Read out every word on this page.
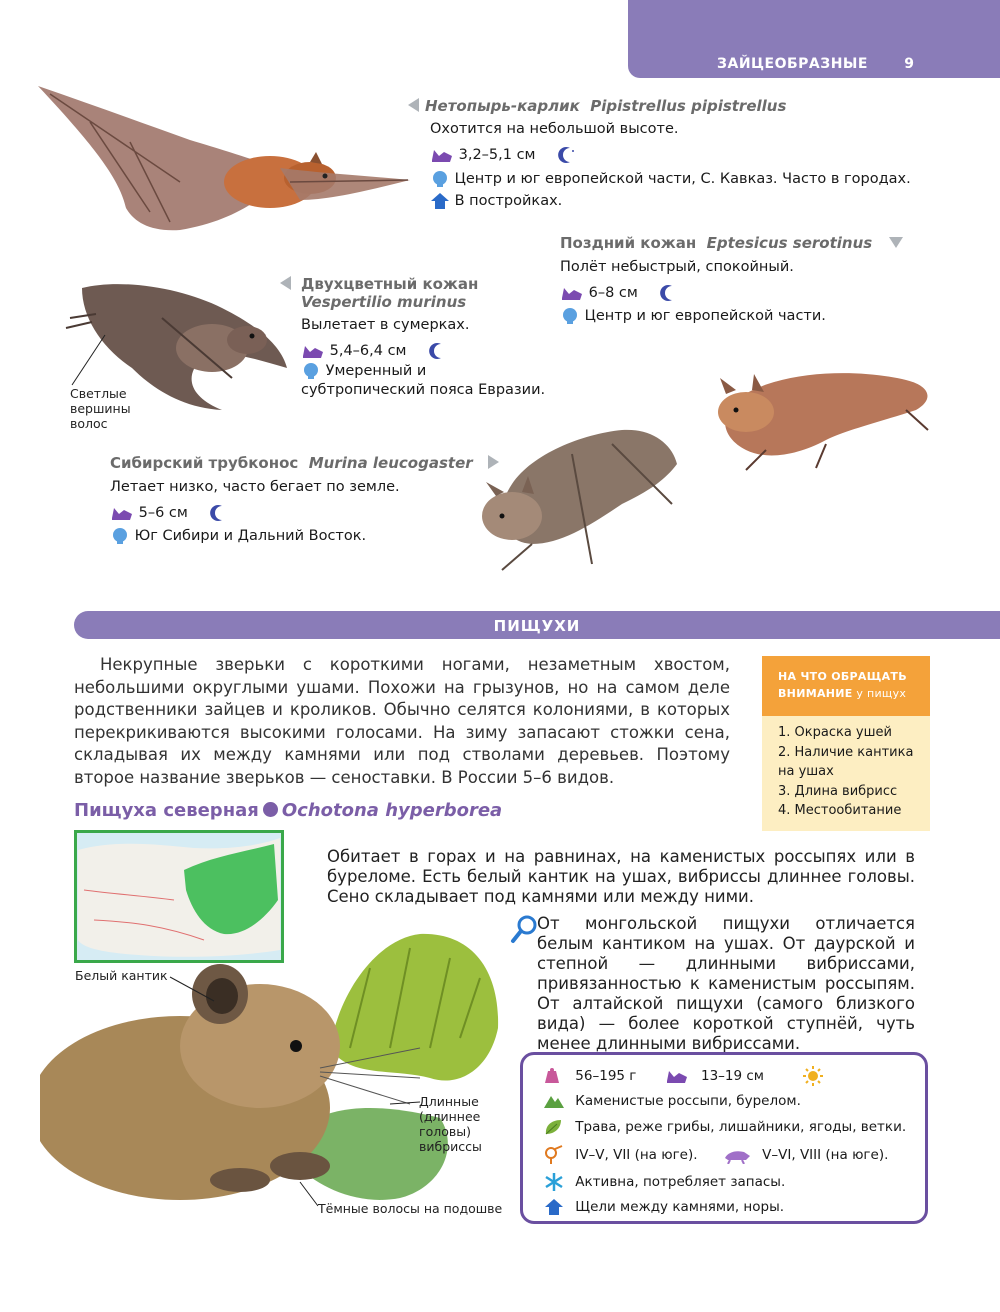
ЗАЙЦЕОБРАЗНЫЕ	9
Нетопырь-карлик Pipistrellus pipistrellus
Охотится на небольшой высоте.
3,2–5,1 см
Центр и юг европейской части, С. Кавказ. Часто в городах.
В постройках.
Поздний кожан Eptesicus serotinus
Полёт небыстрый, спокойный.
6–8 см
Центр и юг европейской части.
Светлые
вершины
волос
Двухцветный кожан
Vespertilio murinus
Вылетает в сумерках.
5,4–6,4 см
Умеренный и
субтропический пояса Евразии.
Сибирский трубконос Murina leucogaster
Летает низко, часто бегает по земле.
5–6 см
Юг Сибири и Дальний Восток.
ПИЩУХИ

Некрупные зверьки с короткими ногами, незаметным хвостом, небольшими округлыми ушами. Похожи на грызунов, но на самом деле родственники зайцев и кроликов. Обычно селятся колониями, в которых перекрикиваются высокими голосами. На зиму запасают стожки сена, складывая их между камнями или под стволами деревьев. Поэтому второе название зверьков — сеноставки. В России 5–6 видов.

НА ЧТО ОБРАЩАТЬ
ВНИМАНИЕ у пищух
1. Окраска ушей
2. Наличие кантика
на ушах
3. Длина вибрисс
4. Местообитание
Пищуха северная Ochotona hyperborea
Обитает в горах и на равнинах, на каменистых россыпях или в буреломе. Есть белый кантик на ушах, вибриссы длиннее головы. Сено складывает под камнями или между ними.
От монгольской пищухи отличается белым кантиком на ушах. От даурской и степной — длинными вибриссами, привязанностью к каменистым россыпям. От алтайской пищухи (самого близкого вида) — более короткой ступнёй, чуть менее длинными вибриссами.
Белый кантик
Длинные
(длиннее
головы)
вибриссы
Тёмные волосы на подошве
56–195 г	13–19 см
Каменистые россыпи, бурелом.
Трава, реже грибы, лишайники, ягоды, ветки.
IV–V, VII (на юге).	V–VI, VIII (на юге).
Активна, потребляет запасы.
Щели между камнями, норы.
